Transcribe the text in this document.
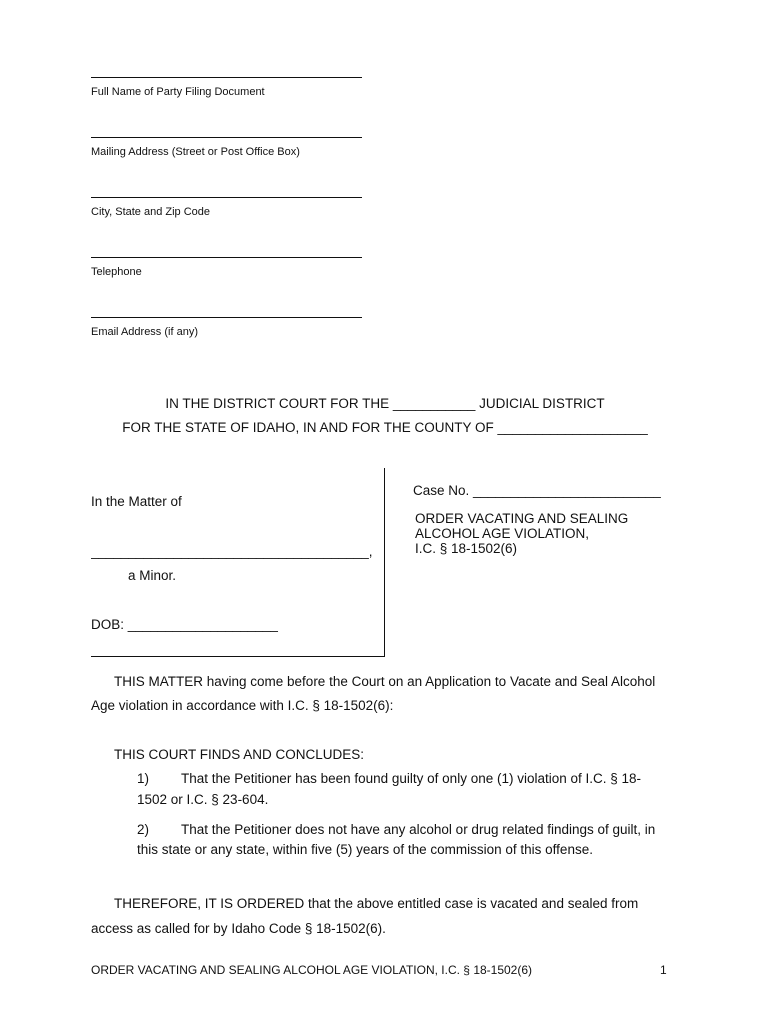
Full Name of Party Filing Document
Mailing Address (Street or Post Office Box)
City, State and Zip Code
Telephone
Email Address (if any)
IN THE DISTRICT COURT FOR THE ___________ JUDICIAL DISTRICT
FOR THE STATE OF IDAHO, IN AND FOR THE COUNTY OF ____________________
In the Matter of
_____________________________________,
a Minor.
DOB: ____________________
Case No. _________________________
ORDER VACATING AND SEALING
ALCOHOL AGE VIOLATION,
I.C. § 18-1502(6)
THIS MATTER having come before the Court on an Application to Vacate and Seal Alcohol
Age violation in accordance with I.C. § 18-1502(6):
THIS COURT FINDS AND CONCLUDES:
1) That the Petitioner has been found guilty of only one (1) violation of I.C. § 18-
1502 or I.C. § 23-604.
2) That the Petitioner does not have any alcohol or drug related findings of guilt, in
this state or any state, within five (5) years of the commission of this offense.
THEREFORE, IT IS ORDERED that the above entitled case is vacated and sealed from
access as called for by Idaho Code § 18-1502(6).
ORDER VACATING AND SEALING ALCOHOL AGE VIOLATION, I.C. § 18-1502(6)	1
